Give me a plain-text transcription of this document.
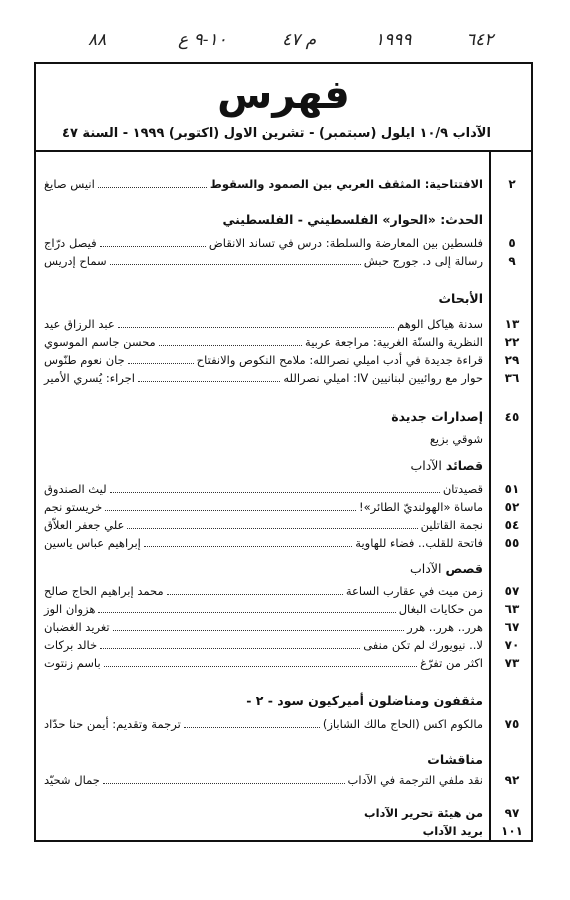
٦٤٢
١٩٩٩
م ٤٧
١٠-٩ ع
٨٨
فهرس
الآداب ١٠/٩ ايلول (سبتمبر) - تشرين الاول (اكتوبر) ١٩٩٩ - السنة ٤٧
٢
الافتتاحية: المثقف العربي بين الصمود والسقوط
انيس صايغ
الحدث: «الحوار» الفلسطيني - الفلسطيني
٥
فلسطين بين المعارضة والسلطة: درس في تساند الانقاض
فيصل درّاج
٩
رسالة إلى د. جورج حبش
سماح إدريس
الأبحاث
١٣
سدنة هياكل الوهم
عبد الرزاق عيد
٢٢
النظرية والسنّة الغربية: مراجعة عربية
محسن جاسم الموسوي
٢٩
قراءة جديدة في أدب اميلي نصرالله: ملامح النكوص والانفتاح
جان نعوم طنّوس
٣٦
حوار مع روائيين لبنانيين IV: اميلي نصرالله
اجراء: يُسري الأمير
٤٥
إصدارات جديدة
شوقي بزيع
قصائد الآداب
٥١
قصيدتان
ليث الصندوق
٥٢
ماساة «الهولنديّ الطائر»!
خريستو نجم
٥٤
نجمة القاتلين
علي جعفر العلاّق
٥٥
فاتحة للقلب.. فضاء للهاوية
إبراهيم عباس ياسين
قصص الآداب
٥٧
زمن ميت في عقارب الساعة
محمد إبراهيم الحاج صالح
٦٣
من حكايات البغال
هزوان الوز
٦٧
هرر.. هرر.. هرر
تغريد الغضبان
٧٠
لا.. نيويورك لم تكن منفى
خالد بركات
٧٣
اكثر من تفرّغ
باسم زنتوت
مثقفون ومناضلون أميركيون سود - ٢ -
٧٥
مالكوم اكس (الحاج مالك الشاباز)
ترجمة وتقديم: أيمن حنا حدّاد
مناقشات
٩٢
نقد ملفي الترجمة في الآداب
جمال شحيّد
٩٧
من هيئة تحرير الآداب
١٠١
بريد الآداب
